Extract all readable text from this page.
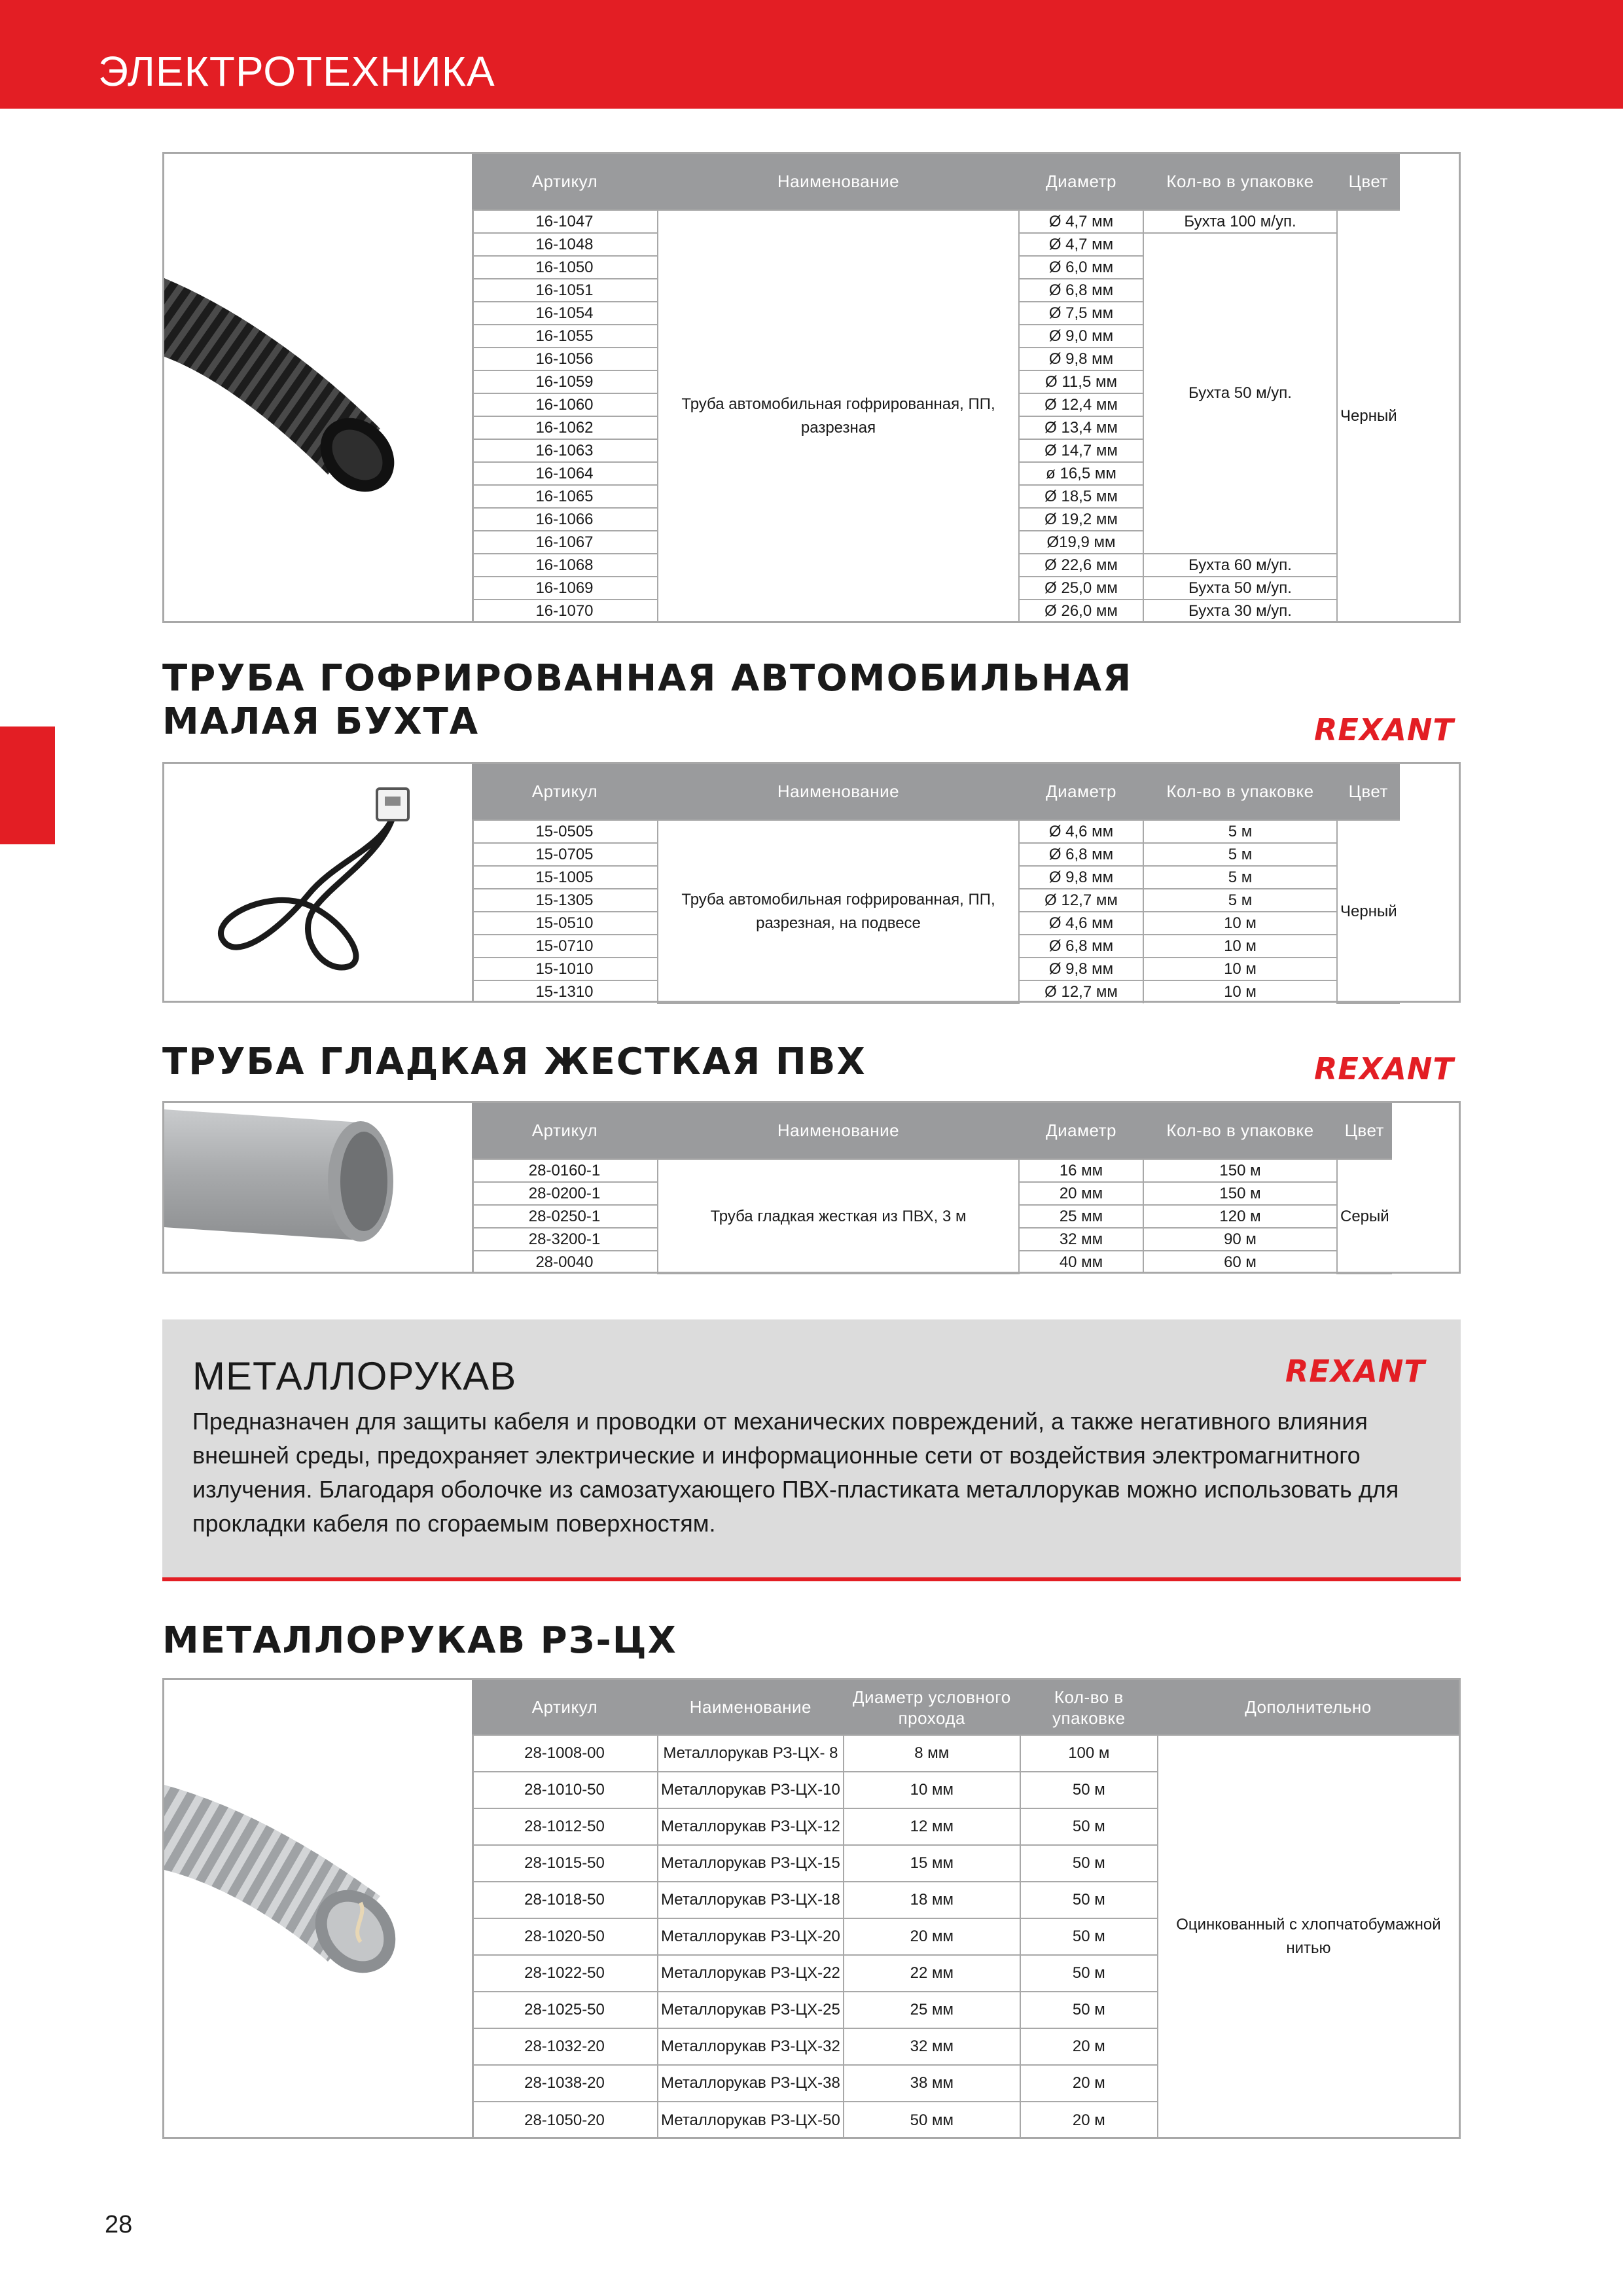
ЭЛЕКТРОТЕХНИКА
Артикул	Наименование	Диаметр	Кол-во в упаковке	Цвет
16-1047	Труба автомобильная гофрированная, ПП, разрезная	Ø 4,7 мм	Бухта 100 м/уп.	Черный
16-1048		Ø 4,7 мм	Бухта 50 м/уп.	
16-1050		Ø 6,0 мм		
16-1051		Ø 6,8 мм		
16-1054		Ø 7,5 мм		
16-1055		Ø 9,0 мм		
16-1056		Ø 9,8 мм		
16-1059		Ø 11,5 мм		
16-1060		Ø 12,4 мм		
16-1062		Ø 13,4 мм		
16-1063		Ø 14,7 мм		
16-1064		ø 16,5 мм		
16-1065		Ø 18,5 мм		
16-1066		Ø 19,2 мм		
16-1067		Ø19,9 мм		
16-1068		Ø 22,6 мм	Бухта 60 м/уп.	
16-1069		Ø 25,0 мм	Бухта 50 м/уп.	
16-1070		Ø 26,0 мм	Бухта 30 м/уп.	
ТРУБА ГОФРИРОВАННАЯ АВТОМОБИЛЬНАЯ
МАЛАЯ БУХТА	REXANT
Артикул	Наименование	Диаметр	Кол-во в упаковке	Цвет
15-0505	Труба автомобильная гофрированная, ПП, разрезная, на подвесе	Ø 4,6 мм	5 м	Черный
15-0705		Ø 6,8 мм	5 м	
15-1005		Ø 9,8 мм	5 м	
15-1305		Ø 12,7 мм	5 м	
15-0510		Ø 4,6 мм	10 м	
15-0710		Ø 6,8 мм	10 м	
15-1010		Ø 9,8 мм	10 м	
15-1310		Ø 12,7 мм	10 м	
ТРУБА ГЛАДКАЯ ЖЕСТКАЯ ПВХ	REXANT
Артикул	Наименование	Диаметр	Кол-во в упаковке	Цвет
28-0160-1	Труба гладкая жесткая из ПВХ, 3 м	16 мм	150 м	Серый
28-0200-1		20 мм	150 м	
28-0250-1		25 мм	120 м	
28-3200-1		32 мм	90 м	
28-0040		40 мм	60 м	
МЕТАЛЛОРУКАВ	REXANT
Предназначен для защиты кабеля и проводки от механических повреждений, а также негативного влияния внешней среды, предохраняет электрические и информационные сети от воздействия электромагнитного излучения. Благодаря оболочке из самозатухающего ПВХ-пластиката металлорукав можно использовать для прокладки кабеля по сгораемым поверхностям.
МЕТАЛЛОРУКАВ РЗ-ЦХ
Артикул	Наименование	Диаметр условного прохода	Кол-во в упаковке	Дополнительно
28-1008-00	Металлорукав РЗ-ЦХ- 8	8 мм	100 м	Оцинкованный с хлопчатобумажной нитью
28-1010-50	Металлорукав РЗ-ЦХ-10	10 мм	50 м	
28-1012-50	Металлорукав РЗ-ЦХ-12	12 мм	50 м	
28-1015-50	Металлорукав РЗ-ЦХ-15	15 мм	50 м	
28-1018-50	Металлорукав РЗ-ЦХ-18	18 мм	50 м	
28-1020-50	Металлорукав РЗ-ЦХ-20	20 мм	50 м	
28-1022-50	Металлорукав РЗ-ЦХ-22	22 мм	50 м	
28-1025-50	Металлорукав РЗ-ЦХ-25	25 мм	50 м	
28-1032-20	Металлорукав РЗ-ЦХ-32	32 мм	20 м	
28-1038-20	Металлорукав РЗ-ЦХ-38	38 мм	20 м	
28-1050-20	Металлорукав РЗ-ЦХ-50	50 мм	20 м	
28
